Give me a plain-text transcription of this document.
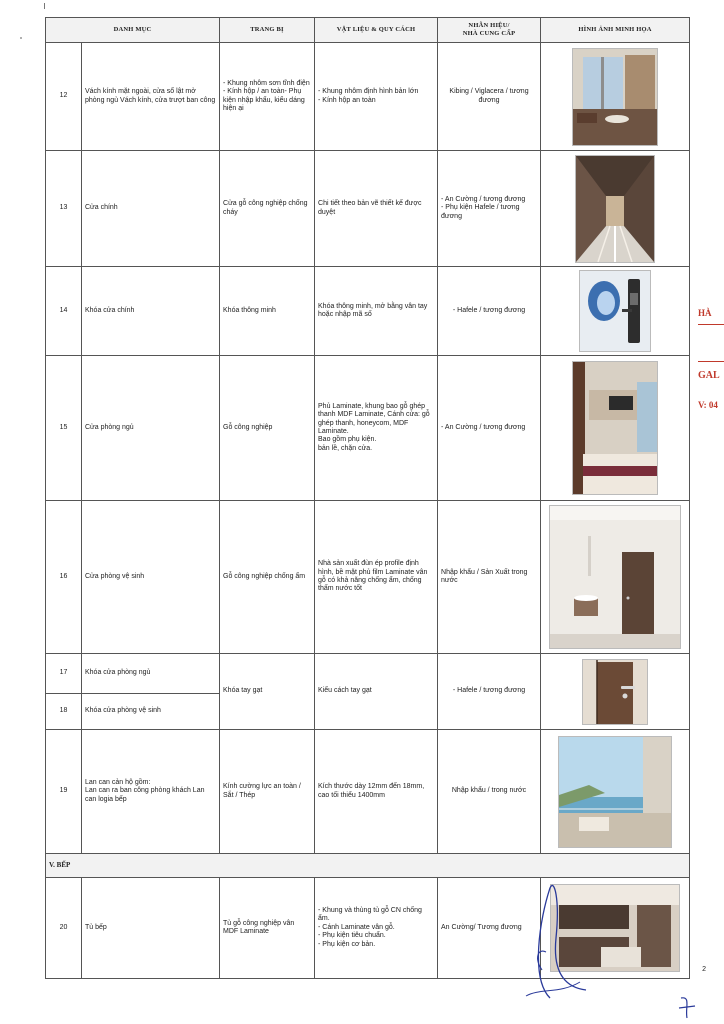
DANH MỤC		TRANG BỊ	VẬT LIỆU & QUY CÁCH	NHÃN HIỆU/
NHÀ CUNG CẤP	HÌNH ẢNH MINH HỌA
12	Vách kính mặt ngoài, cửa sổ lật mở phòng ngủ Vách kính, cửa trượt ban công	- Khung nhôm sơn tĩnh điện
- Kính hộp / an toàn- Phụ kiện nhập khẩu, kiểu dáng hiện ại	- Khung nhôm định hình bản lớn
- Kính hộp an toàn	Kibing / Viglacera / tương đương	

13	Cửa chính	Cửa gỗ công nghiệp chống cháy	Chi tiết theo bản vẽ thiết kế được duyệt	- An Cường / tương đương
- Phụ kiện Hafele / tương đương	

14	Khóa cửa chính	Khóa thông minh	Khóa thông minh, mở bằng vân tay hoặc nhập mã số	- Hafele / tương đương	

15	Cửa phòng ngủ	Gỗ công nghiệp	Phủ Laminate, khung bao gỗ ghép thanh MDF Laminate, Cánh cửa: gỗ ghép thanh, honeycom, MDF Laminate.
Bao gồm phụ kiện.
bản lề, chặn cửa.	- An Cường / tương đương	

16	Cửa phòng vệ sinh	Gỗ công nghiệp chống ẩm	Nhà sản xuất đùn ép profile định hình, bề mặt phủ film Laminate vân gỗ có khả năng chống ẩm, chống thấm nước tốt	Nhập khẩu / Sản Xuất trong nước	

17	Khóa cửa phòng ngủ	Khóa tay gạt	Kiểu cách tay gạt	- Hafele / tương đương	

18	Khóa cửa phòng vệ sinh				
19	Lan can cản hộ gồm:
Lan can ra ban công phòng khách Lan can logia bếp	Kính cường lực an toàn / Sắt / Thép	Kích thước dày 12mm đến 18mm, cao tối thiểu 1400mm	Nhập khẩu / trong nước	

V. BẾP					
20	Tủ bếp	Tủ gỗ công nghiệp vân MDF Laminate	- Khung và thùng tủ gỗ CN chống ẩm.
- Cánh Laminate vân gỗ.
- Phụ kiện tiêu chuẩn.
- Phụ kiện cơ bản.	An Cường/ Tương đương	
HÀ
GAL
V: 04
2
